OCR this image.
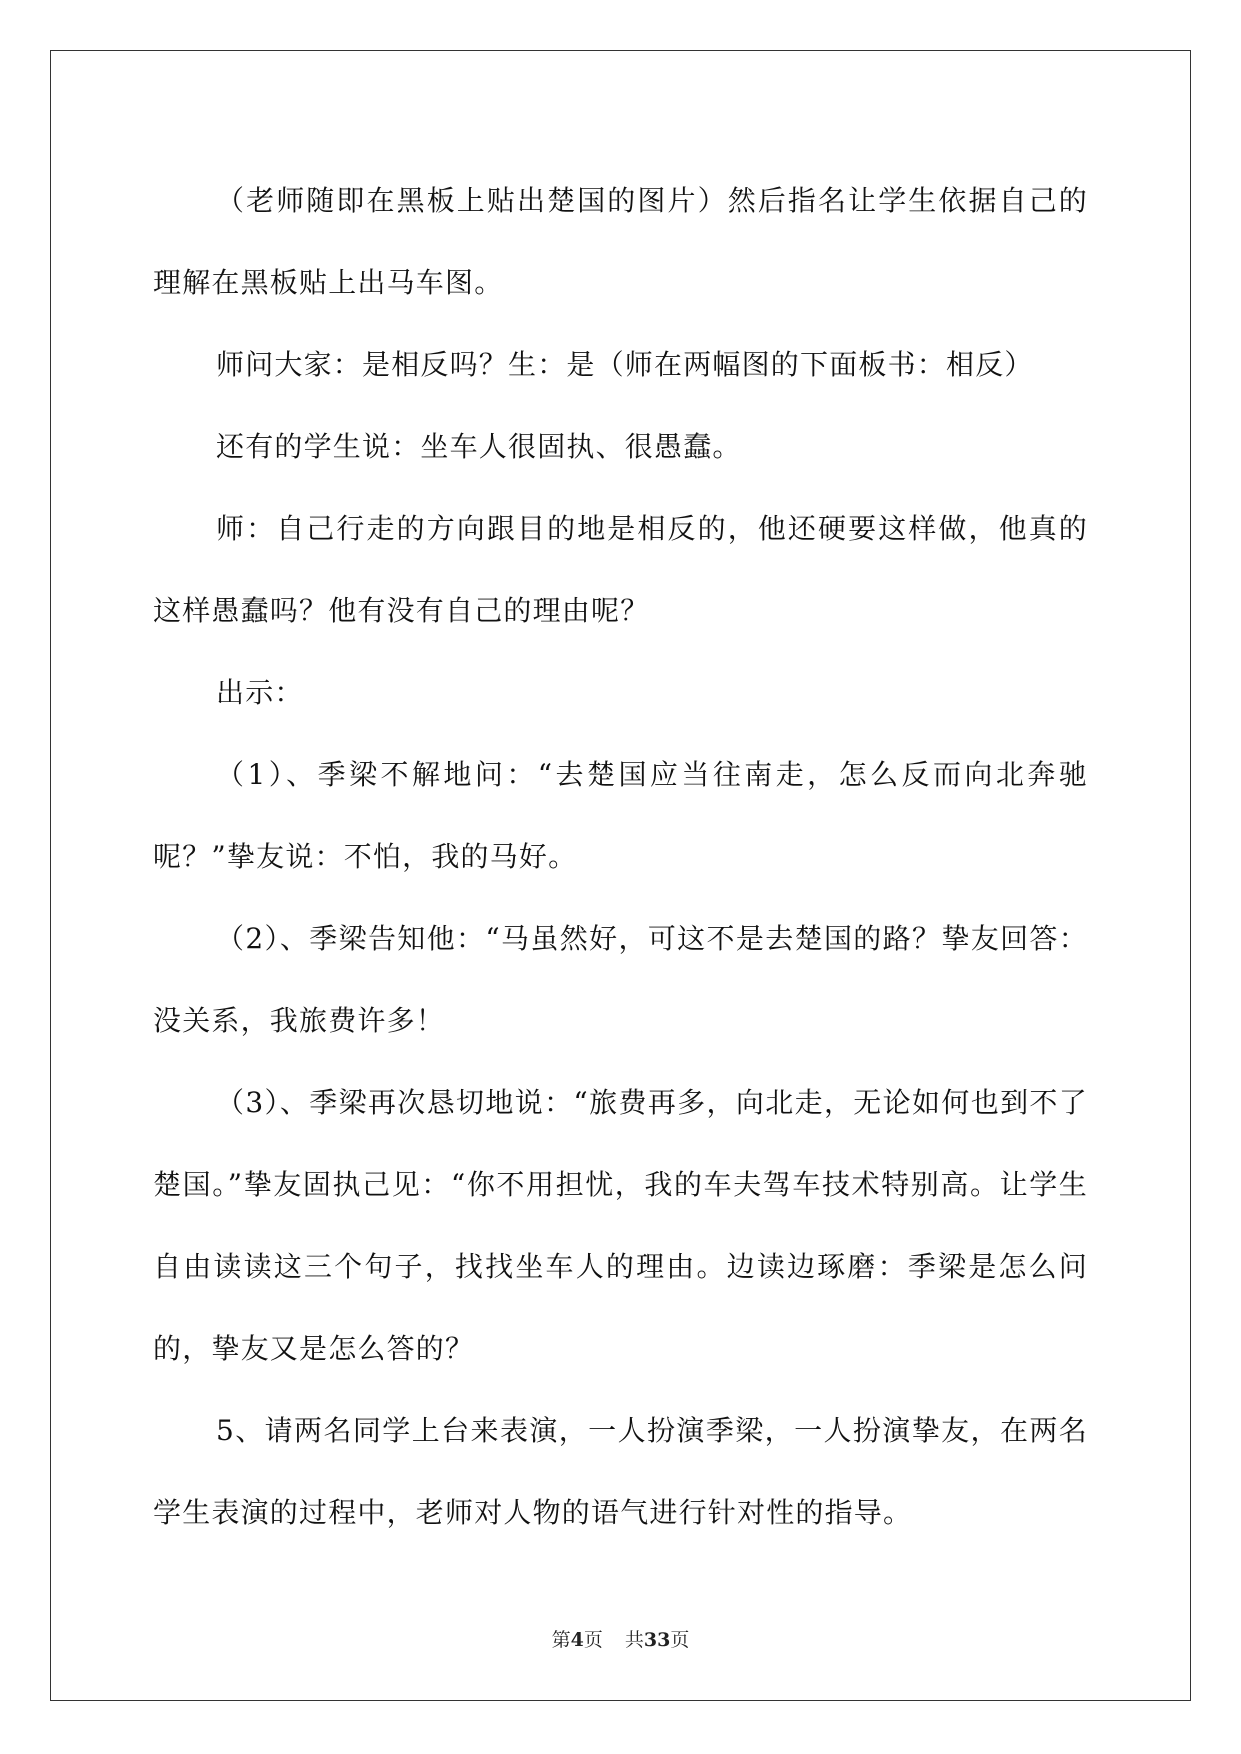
（老师随即在黑板上贴出楚国的图片）然后指名让学生依据自己的理解在黑板贴上出马车图。

师问大家：是相反吗？生：是（师在两幅图的下面板书：相反）

还有的学生说：坐车人很固执、很愚蠢。

师：自己行走的方向跟目的地是相反的，他还硬要这样做，他真的这样愚蠢吗？他有没有自己的理由呢？

出示：

（1）、季梁不解地问：“去楚国应当往南走，怎么反而向北奔驰呢？”挚友说：不怕，我的马好。

（2）、季梁告知他：“马虽然好，可这不是去楚国的路？挚友回答：没关系，我旅费许多！

（3）、季梁再次恳切地说：“旅费再多，向北走，无论如何也到不了楚国。”挚友固执己见：“你不用担忧，我的车夫驾车技术特别高。让学生自由读读这三个句子，找找坐车人的理由。边读边琢磨：季梁是怎么问的，挚友又是怎么答的？

5、请两名同学上台来表演，一人扮演季梁，一人扮演挚友，在两名学生表演的过程中，老师对人物的语气进行针对性的指导。

第4页 共33页
